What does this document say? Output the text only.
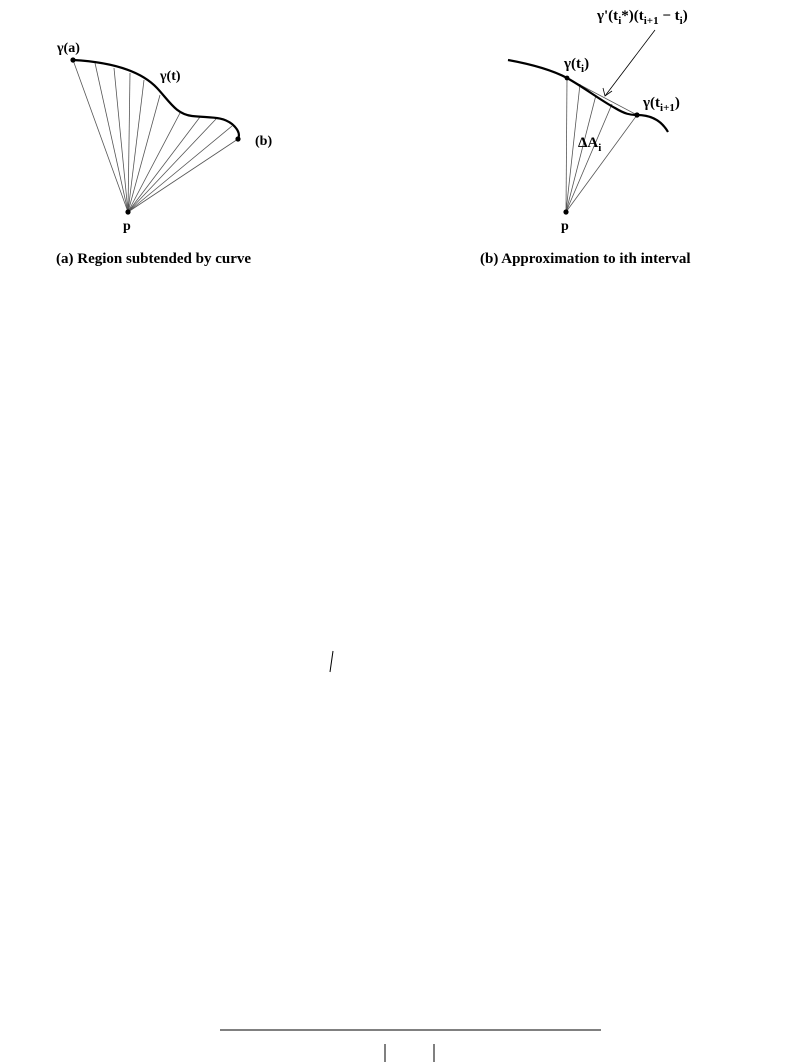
γ(a)
γ(t)
(b)
p
(a) Region subtended by curve
$\gamma(t_i)$
$\gamma(t_{i+1})$
$\gamma'(t_i*)(t_{i+1} - t_i)$
$\Delta A_i$
p
(b) Approximation to ith interval
